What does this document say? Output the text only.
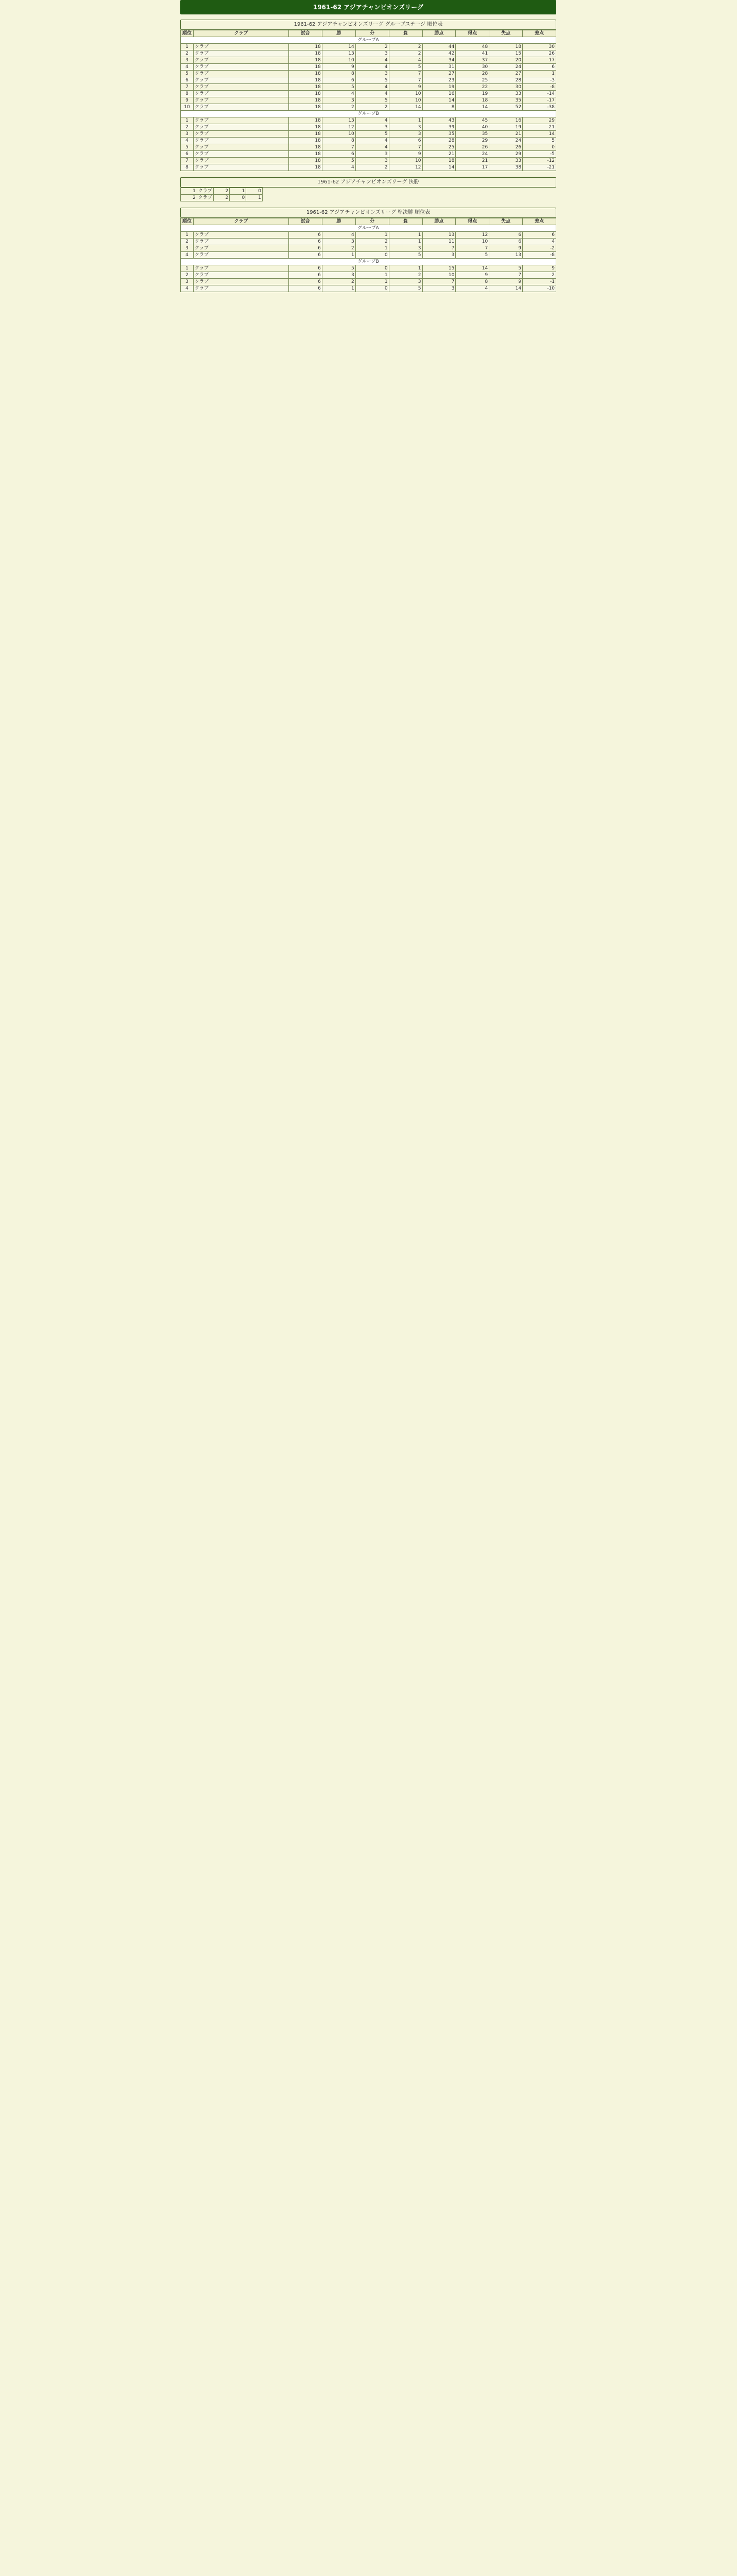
1961-62 アジアチャンピオンズリーグ
1961-62 アジアチャンピオンズリーグ グループステージ 順位表
順位	クラブ	試合	勝	分	負	勝点	得点	失点	差点
グループA									
1	クラブ	18	14	2	2	44	48	18	30
2	クラブ	18	13	3	2	42	41	15	26
3	クラブ	18	10	4	4	34	37	20	17
4	クラブ	18	9	4	5	31	30	24	6
5	クラブ	18	8	3	7	27	28	27	1
6	クラブ	18	6	5	7	23	25	28	-3
7	クラブ	18	5	4	9	19	22	30	-8
8	クラブ	18	4	4	10	16	19	33	-14
9	クラブ	18	3	5	10	14	18	35	-17
10	クラブ	18	2	2	14	8	14	52	-38
グループB									
1	クラブ	18	13	4	1	43	45	16	29
2	クラブ	18	12	3	3	39	40	19	21
3	クラブ	18	10	5	3	35	35	21	14
4	クラブ	18	8	4	6	28	29	24	5
5	クラブ	18	7	4	7	25	26	26	0
6	クラブ	18	6	3	9	21	24	29	-5
7	クラブ	18	5	3	10	18	21	33	-12
8	クラブ	18	4	2	12	14	17	38	-21
1961-62 アジアチャンピオンズリーグ 決勝
1	クラブ	2	1	0
2	クラブ	2	0	1
1961-62 アジアチャンピオンズリーグ 準決勝 順位表
順位	クラブ	試合	勝	分	負	勝点	得点	失点	差点
グループA									
1	クラブ	6	4	1	1	13	12	6	6
2	クラブ	6	3	2	1	11	10	6	4
3	クラブ	6	2	1	3	7	7	9	-2
4	クラブ	6	1	0	5	3	5	13	-8
グループB									
1	クラブ	6	5	0	1	15	14	5	9
2	クラブ	6	3	1	2	10	9	7	2
3	クラブ	6	2	1	3	7	8	9	-1
4	クラブ	6	1	0	5	3	4	14	-10
